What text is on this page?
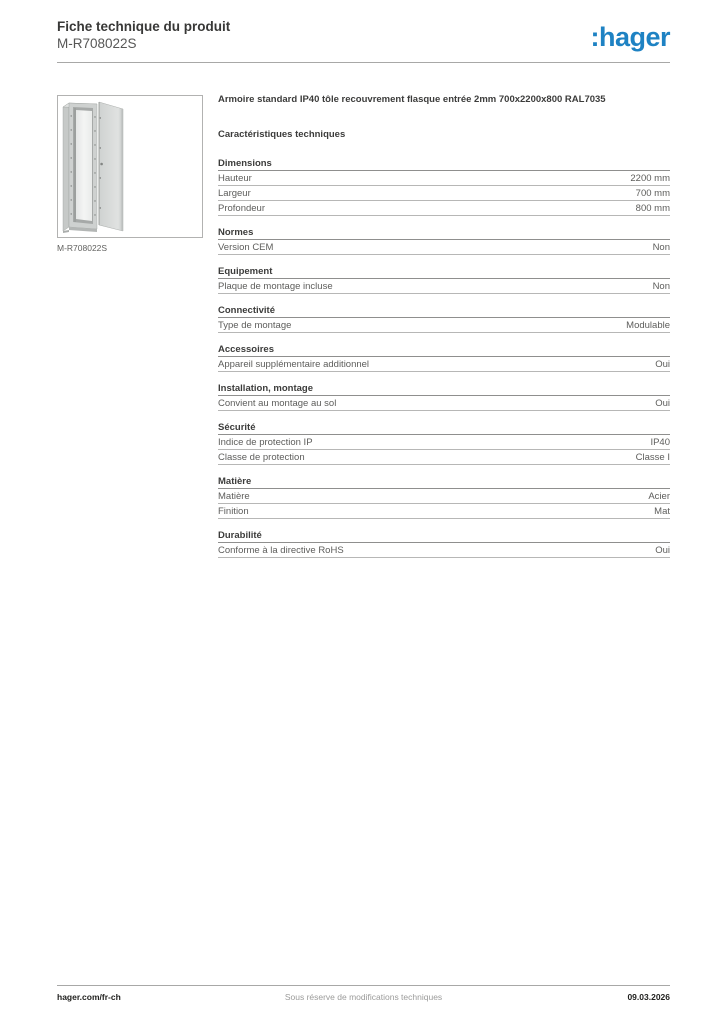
Fiche technique du produit
M-R708022S	:hager
M-R708022S
Armoire standard IP40 tôle recouvrement flasque entrée 2mm 700x2200x800 RAL7035
Caractéristiques techniques
Dimensions
Hauteur	2200 mm
Largeur	700 mm
Profondeur	800 mm
Normes
Version CEM	Non
Equipement
Plaque de montage incluse	Non
Connectivité
Type de montage	Modulable
Accessoires
Appareil supplémentaire additionnel	Oui
Installation, montage
Convient au montage au sol	Oui
Sécurité
Indice de protection IP	IP40
Classe de protection	Classe I
Matière
Matière	Acier
Finition	Mat
Durabilité
Conforme à la directive RoHS	Oui
hager.com/fr-ch	Sous réserve de modifications techniques	09.03.2026
